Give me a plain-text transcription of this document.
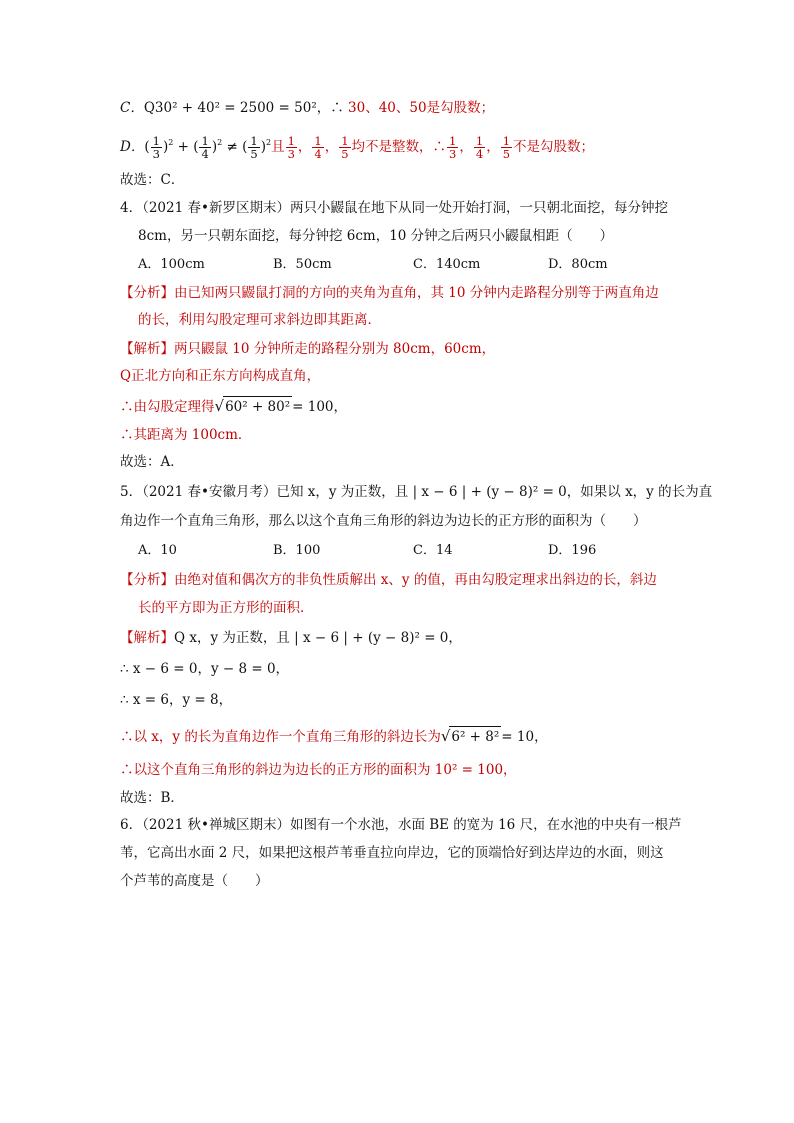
C．Q30² + 40² = 2500 = 50²，∴ 30、40、50是勾股数；
D．( $\frac{1}{3} )^2$ + ( $\frac{1}{4} )^2$ ≠ ( $\frac{1}{5} )^2$且 $\frac{1}{3}$ ， $\frac{1}{4}$ ， $\frac{1}{5}$ 均不是整数，∴ $\frac{1}{3}$ ， $\frac{1}{4}$ ， $\frac{1}{5}$ 不是勾股数；
故选：C．
4．（2021 春•新罗区期末）两只小鼹鼠在地下从同一处开始打洞，一只朝北面挖，每分钟挖
8cm，另一只朝东面挖，每分钟挖 6cm，10 分钟之后两只小鼹鼠相距（　　）
A．100cm	B．50cm	C．140cm	D．80cm
【分析】由已知两只鼹鼠打洞的方向的夹角为直角，其 10 分钟内走路程分别等于两直角边
的长，利用勾股定理可求斜边即其距离．
【解析】两只鼹鼠 10 分钟所走的路程分别为 80cm，60cm，
Q正北方向和正东方向构成直角，
∴由勾股定理得√60² + 80² = 100，
∴其距离为 100cm．
故选：A．
5．（2021 春•安徽月考）已知 x，y 为正数，且 | x − 6 | + (y − 8)² = 0，如果以 x，y 的长为直
角边作一个直角三角形，那么以这个直角三角形的斜边为边长的正方形的面积为（　　）
A．10	B．100	C．14	D．196
【分析】由绝对值和偶次方的非负性质解出 x、y 的值，再由勾股定理求出斜边的长，斜边
长的平方即为正方形的面积．
【解析】Q x，y 为正数，且 | x − 6 | + (y − 8)² = 0，
∴ x − 6 = 0，y − 8 = 0，
∴ x = 6，y = 8，
∴以 x，y 的长为直角边作一个直角三角形的斜边长为√6² + 8² = 10，
∴以这个直角三角形的斜边为边长的正方形的面积为 10² = 100，
故选：B．
6．（2021 秋•禅城区期末）如图有一个水池，水面 BE 的宽为 16 尺，在水池的中央有一根芦
苇，它高出水面 2 尺，如果把这根芦苇垂直拉向岸边，它的顶端恰好到达岸边的水面，则这
个芦苇的高度是（　　）
